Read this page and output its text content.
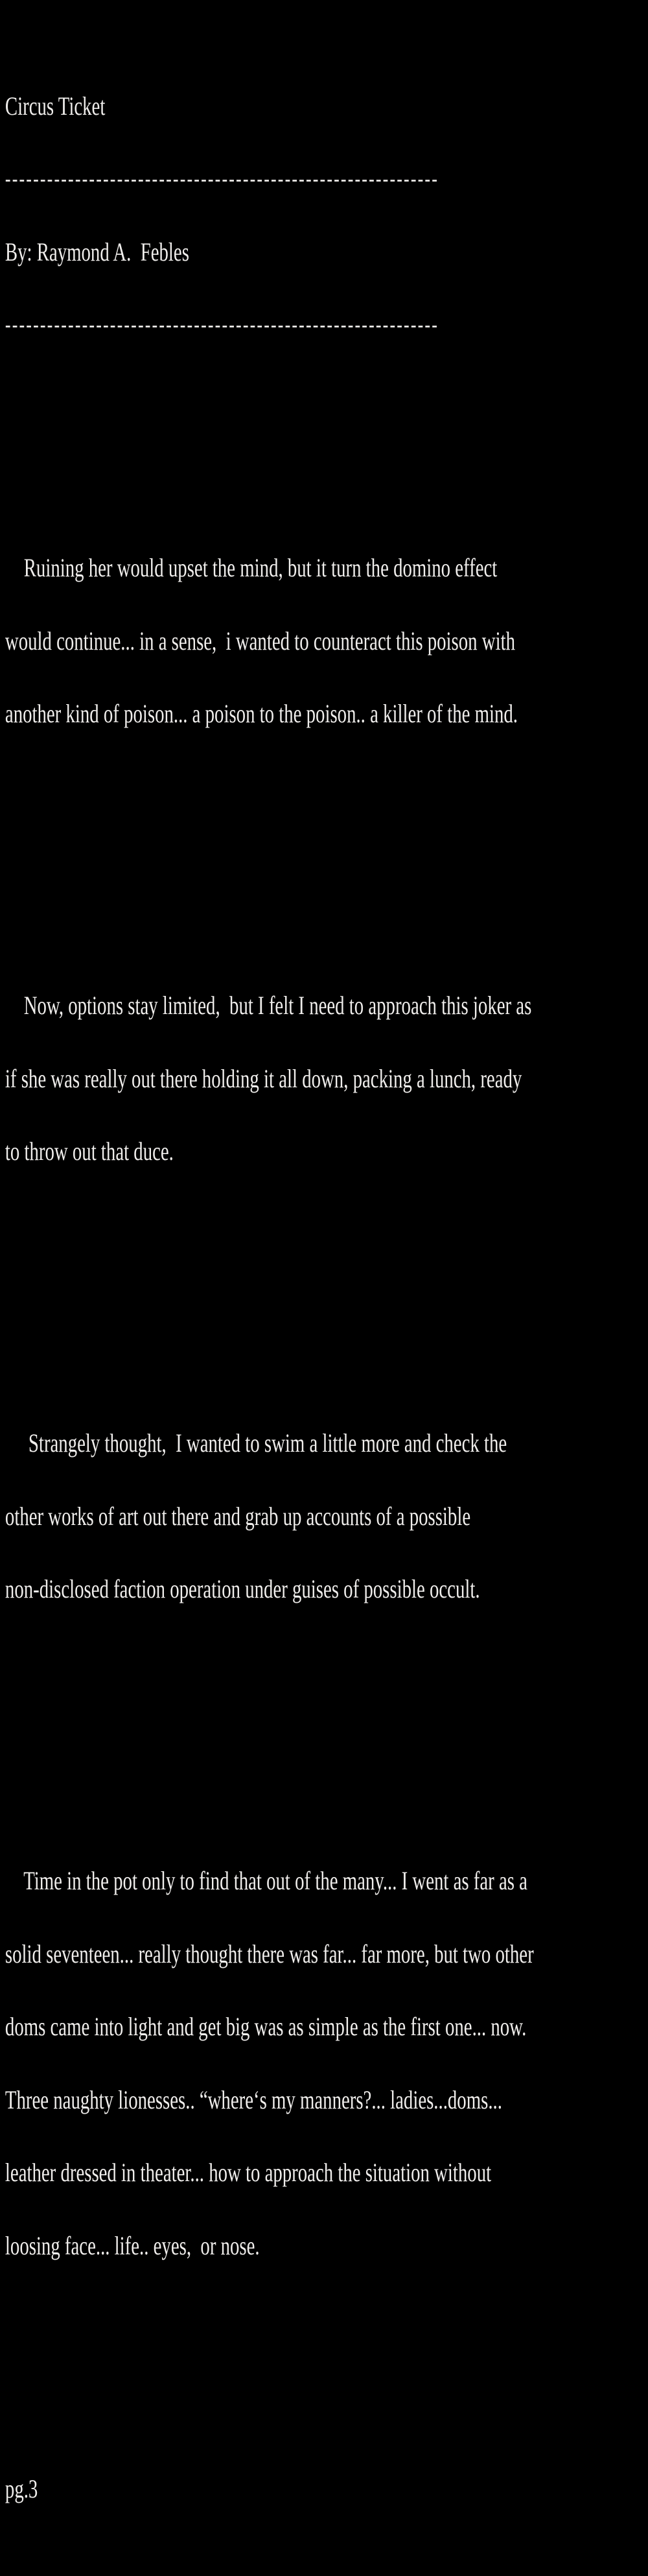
Circus Ticket

--------------------------------------------------------------

By: Raymond A.  Febles

--------------------------------------------------------------

Ruining her would upset the mind, but it turn the domino effect

would continue... in a sense,  i wanted to counteract this poison with

another kind of poison... a poison to the poison.. a killer of the mind.

Now, options stay limited,  but I felt I need to approach this joker as

if she was really out there holding it all down, packing a lunch, ready

to throw out that duce.

Strangely thought,  I wanted to swim a little more and check the

other works of art out there and grab up accounts of a possible

non-disclosed faction operation under guises of possible occult.

Time in the pot only to find that out of the many... I went as far as a

solid seventeen... really thought there was far... far more, but two other

doms came into light and get big was as simple as the first one... now.

Three naughty lionesses.. “where‘s my manners?... ladies...doms...

leather dressed in theater... how to approach the situation without

loosing face... life.. eyes,  or nose.

pg.3
